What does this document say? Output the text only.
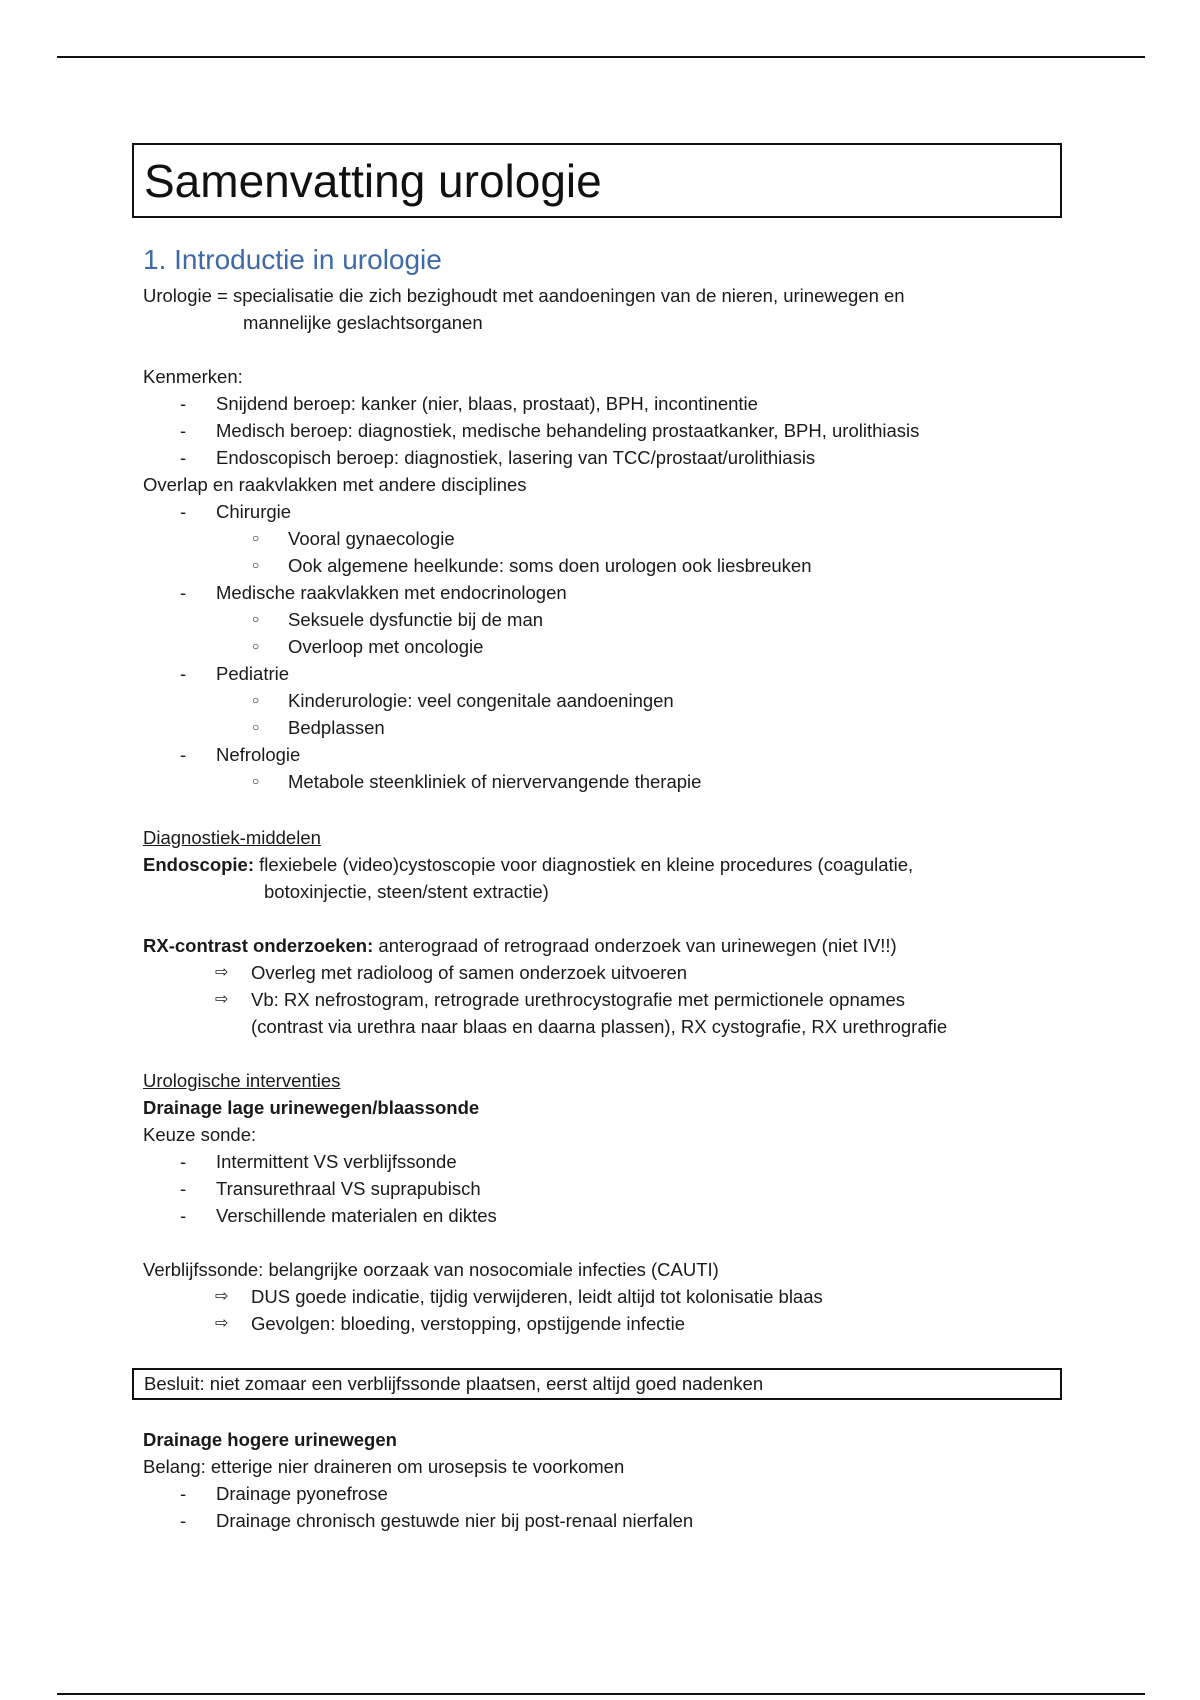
Samenvatting urologie
1. Introductie in urologie
Urologie = specialisatie die zich bezighoudt met aandoeningen van de nieren, urinewegen en
mannelijke geslachtsorganen
Kenmerken:
- Snijdend beroep: kanker (nier, blaas, prostaat), BPH, incontinentie
- Medisch beroep: diagnostiek, medische behandeling prostaatkanker, BPH, urolithiasis
- Endoscopisch beroep: diagnostiek, lasering van TCC/prostaat/urolithiasis
Overlap en raakvlakken met andere disciplines
- Chirurgie
○ Vooral gynaecologie
○ Ook algemene heelkunde: soms doen urologen ook liesbreuken
- Medische raakvlakken met endocrinologen
○ Seksuele dysfunctie bij de man
○ Overloop met oncologie
- Pediatrie
○ Kinderurologie: veel congenitale aandoeningen
○ Bedplassen
- Nefrologie
○ Metabole steenkliniek of niervervangende therapie
Diagnostiek-middelen
Endoscopie: flexiebele (video)cystoscopie voor diagnostiek en kleine procedures (coagulatie,
botoxinjectie, steen/stent extractie)
RX-contrast onderzoeken: anterograad of retrograad onderzoek van urinewegen (niet IV!!)
⇨ Overleg met radioloog of samen onderzoek uitvoeren
⇨ Vb: RX nefrostogram, retrograde urethrocystografie met permictionele opnames
(contrast via urethra naar blaas en daarna plassen), RX cystografie, RX urethrografie
Urologische interventies
Drainage lage urinewegen/blaassonde
Keuze sonde:
- Intermittent VS verblijfssonde
- Transurethraal VS suprapubisch
- Verschillende materialen en diktes
Verblijfssonde: belangrijke oorzaak van nosocomiale infecties (CAUTI)
⇨ DUS goede indicatie, tijdig verwijderen, leidt altijd tot kolonisatie blaas
⇨ Gevolgen: bloeding, verstopping, opstijgende infectie
Besluit: niet zomaar een verblijfssonde plaatsen, eerst altijd goed nadenken
Drainage hogere urinewegen
Belang: etterige nier draineren om urosepsis te voorkomen
- Drainage pyonefrose
- Drainage chronisch gestuwde nier bij post-renaal nierfalen
